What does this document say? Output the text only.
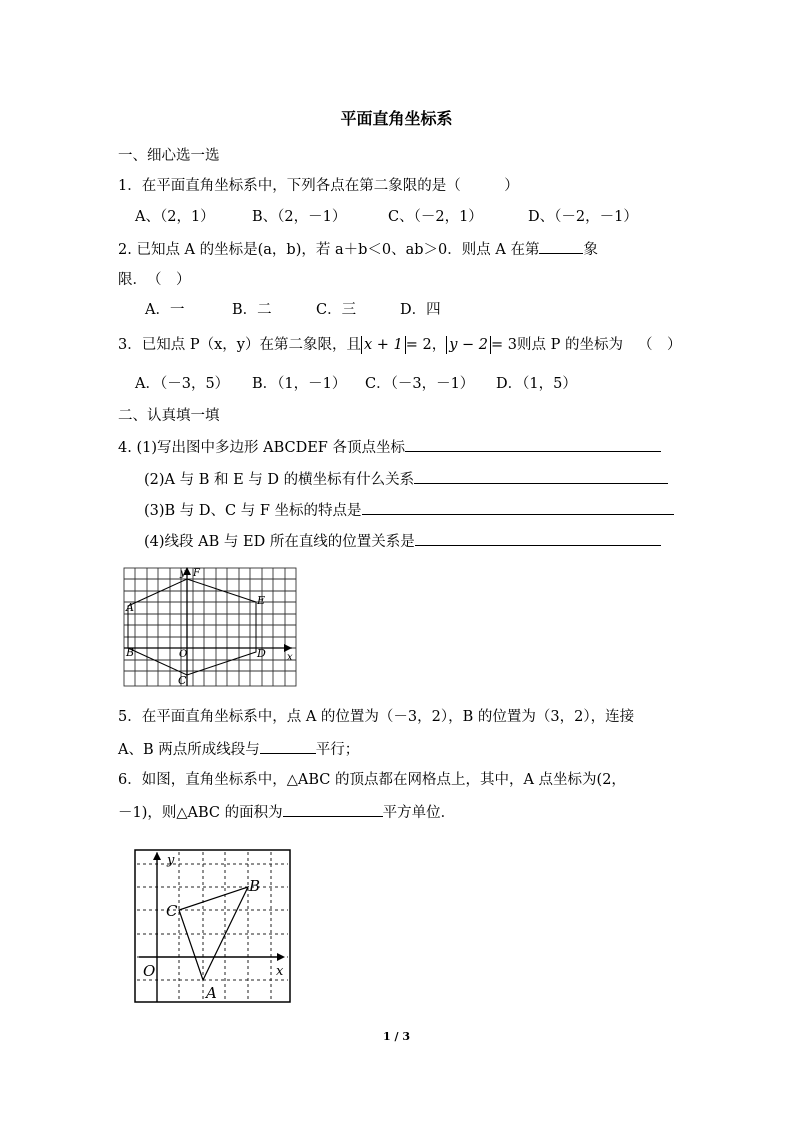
平面直角坐标系
一、细心选一选
1．在平面直角坐标系中，下列各点在第二象限的是（　　　）
A、（2，1）	B、（2，－1）	C、（－2，1）	D、（－2，－1）
2. 已知点 A 的坐标是(a，b)，若 a＋b＜0、ab＞0．则点 A 在第	象
限．　（　）
A．一	B．二	C．三	D．四
3．已知点 P（x，y）在第二象限，且 x + 1 = 2， y − 2 = 3则点 P 的坐标为 （　）
A．（－3，5） B．（1，－1） C．（－3，－1） D．（1，5）
二、认真填一填
4. (1)写出图中多边形 ABCDEF 各顶点坐标
(2)A 与 B 和 E 与 D 的横坐标有什么关系
(3)B 与 D、C 与 F 坐标的特点是
(4)线段 AB 与 ED 所在直线的位置关系是
A
B
C
D
E
F
O	x
y
5．在平面直角坐标系中，点 A 的位置为（－3，2），B 的位置为（3，2），连接
A、B 两点所成线段与	平行；
6．如图，直角坐标系中，△ABC 的顶点都在网格点上，其中，A 点坐标为(2，
－1)，则△ABC 的面积为	平方单位．
B
C
A
O	x
y
1 / 3
